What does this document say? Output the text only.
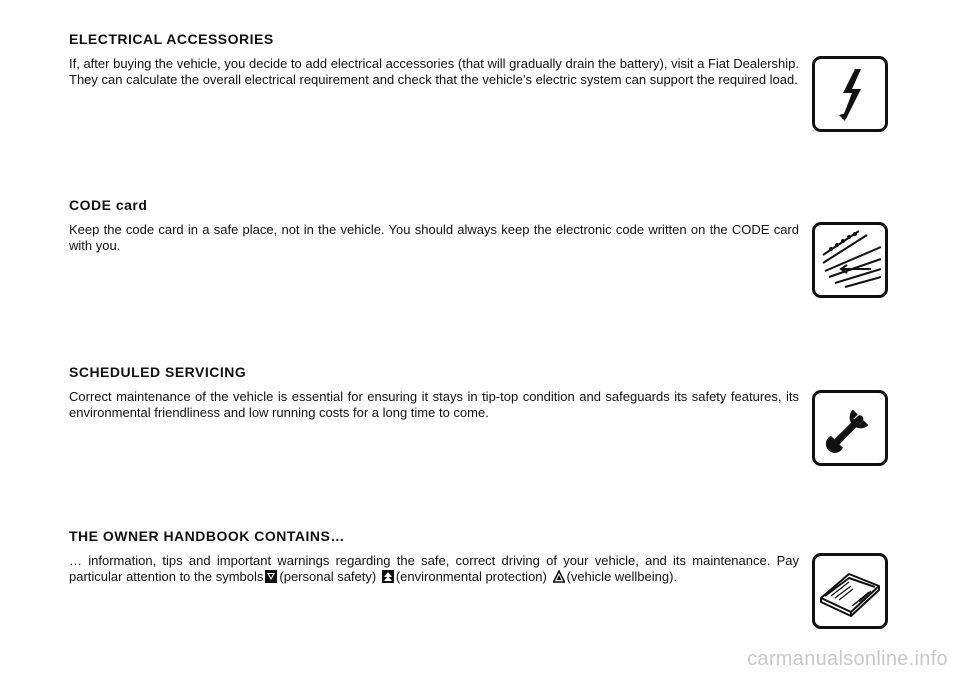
ELECTRICAL ACCESSORIES

If, after buying the vehicle, you decide to add electrical accessories (that will gradually drain the battery), visit a Fiat Dealership. They can calculate the overall electrical requirement and check that the vehicle’s electric system can support the required load.

CODE card

Keep the code card in a safe place, not in the vehicle. You should always keep the electronic code written on the CODE card with you.

SCHEDULED SERVICING

Correct maintenance of the vehicle is essential for ensuring it stays in tip-top condition and safeguards its safety features, its environmental friendliness and low running costs for a long time to come.

THE OWNER HANDBOOK CONTAINS…

… information, tips and important warnings regarding the safe, correct driving of your vehicle, and its maintenance. Pay particular attention to the symbols (personal safety) (environmental protection) (vehicle wellbeing).

carmanualsonline.info
